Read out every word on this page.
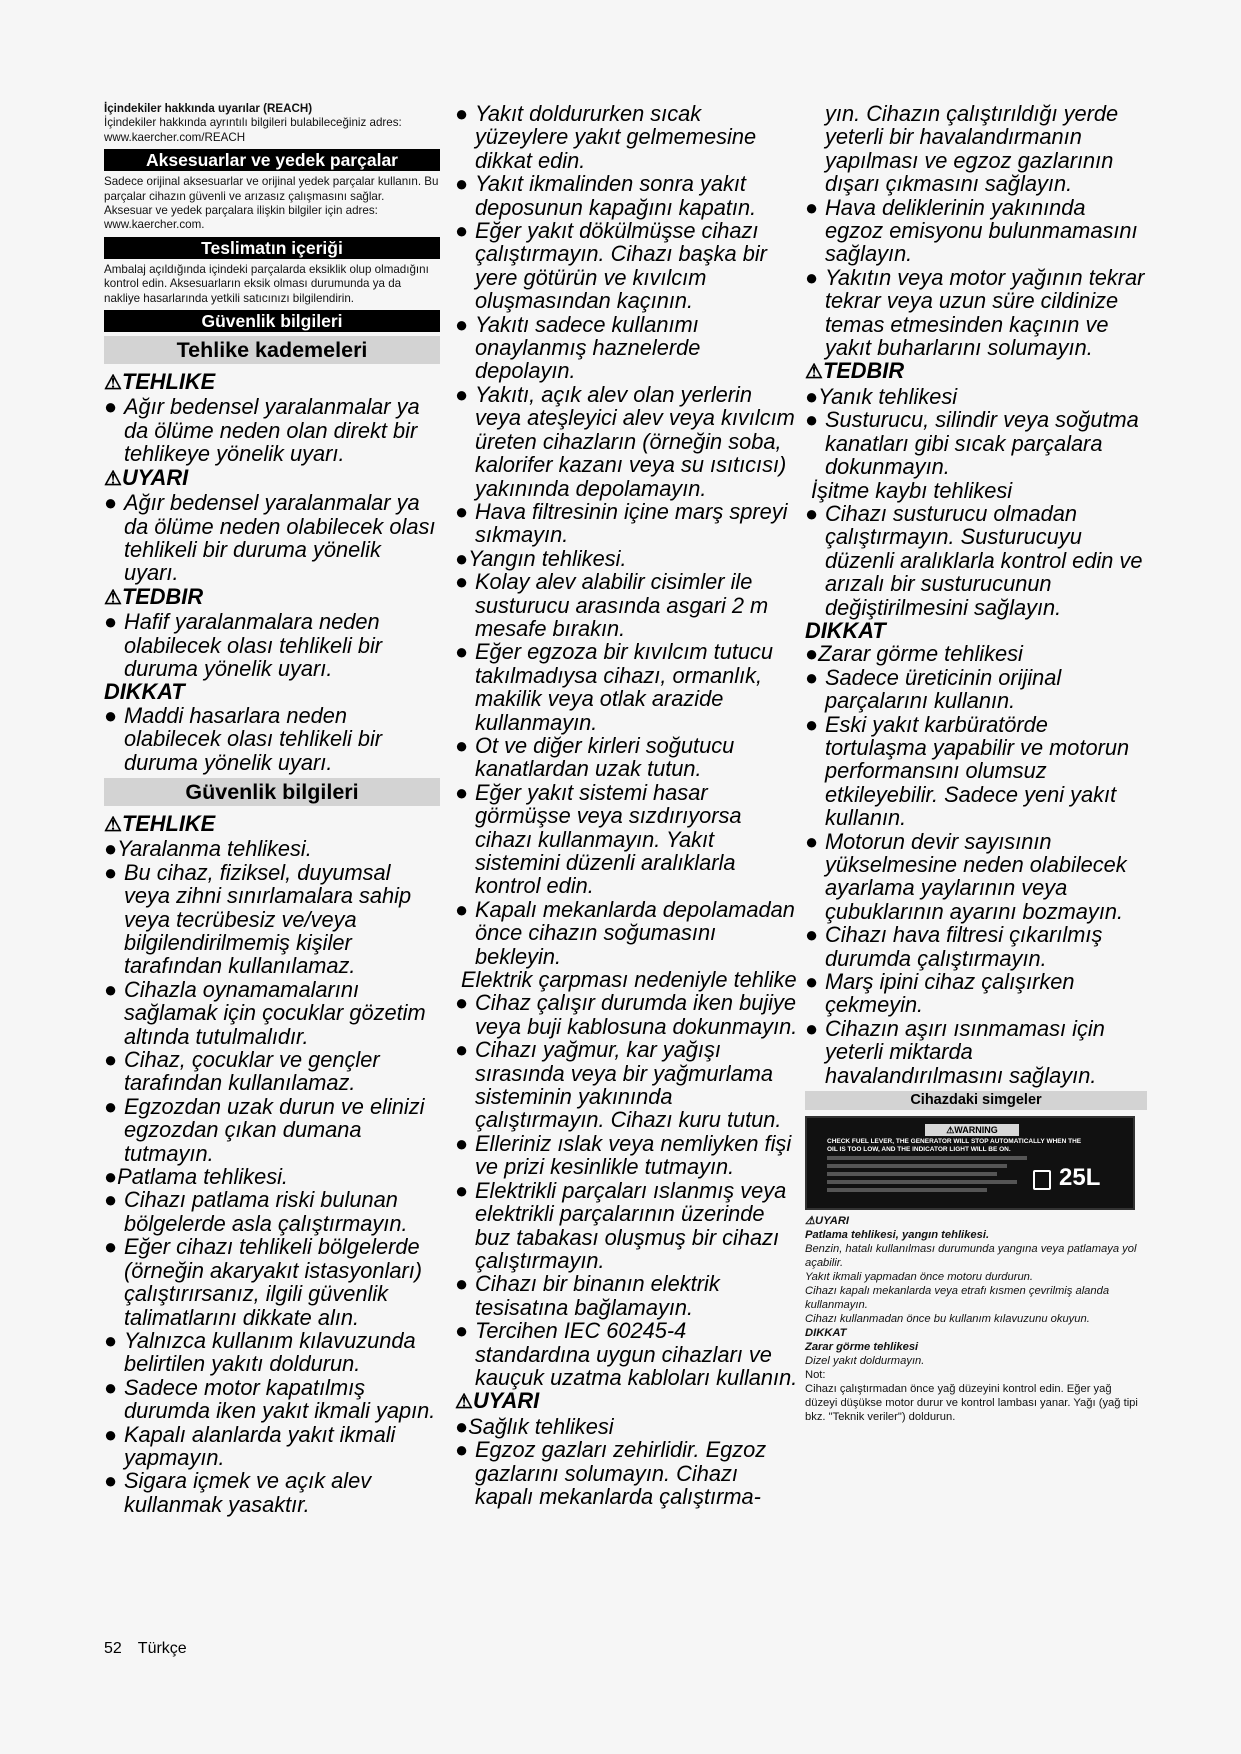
İçindekiler hakkında uyarılar (REACH)

İçindekiler hakkında ayrıntılı bilgileri bulabileceğiniz adres: www.kaercher.com/REACH

Aksesuarlar ve yedek parçalar

Sadece orijinal aksesuarlar ve orijinal yedek parçalar kullanın. Bu parçalar cihazın güvenli ve arızasız çalışmasını sağlar.

Aksesuar ve yedek parçalara ilişkin bilgiler için adres: www.kaercher.com.

Teslimatın içeriği

Ambalaj açıldığında içindeki parçalarda eksiklik olup olmadığını kontrol edin. Aksesuarların eksik olması durumunda ya da nakliye hasarlarında yetkili satıcınızı bilgilendirin.

Güvenlik bilgileri
Tehlike kademeleri
⚠TEHLIKE
● Ağır bedensel yaralanmalar ya da ölüme neden olan direkt bir tehlikeye yönelik uyarı.
⚠UYARI
● Ağır bedensel yaralanmalar ya da ölüme neden olabilecek olası tehlikeli bir duruma yönelik uyarı.
⚠TEDBIR
● Hafif yaralanmalara neden olabilecek olası tehlikeli bir duruma yönelik uyarı.
DIKKAT
● Maddi hasarlara neden olabilecek olası tehlikeli bir duruma yönelik uyarı.
Güvenlik bilgileri
⚠TEHLIKE
●Yaralanma tehlikesi.
● Bu cihaz, fiziksel, duyumsal veya zihni sınırlamalara sahip veya tecrübesiz ve/veya bilgilendirilmemiş kişiler tarafından kullanılamaz.
● Cihazla oynamamalarını sağlamak için çocuklar gözetim altında tutulmalıdır.
● Cihaz, çocuklar ve gençler tarafından kullanılamaz.
● Egzozdan uzak durun ve elinizi egzozdan çıkan dumana tutmayın.
●Patlama tehlikesi.
● Cihazı patlama riski bulunan bölgelerde asla çalıştırmayın.
● Eğer cihazı tehlikeli bölgelerde (örneğin akaryakıt istasyonları) çalıştırırsanız, ilgili güvenlik talimatlarını dikkate alın.
● Yalnızca kullanım kılavuzunda belirtilen yakıtı doldurun.
● Sadece motor kapatılmış durumda iken yakıt ikmali yapın.
● Kapalı alanlarda yakıt ikmali yapmayın.
● Sigara içmek ve açık alev kullanmak yasaktır.
● Yakıt doldururken sıcak yüzeylere yakıt gelmemesine dikkat edin.
● Yakıt ikmalinden sonra yakıt deposunun kapağını kapatın.
● Eğer yakıt dökülmüşse cihazı çalıştırmayın. Cihazı başka bir yere götürün ve kıvılcım oluşmasından kaçının.
● Yakıtı sadece kullanımı onaylanmış haznelerde depolayın.
● Yakıtı, açık alev olan yerlerin veya ateşleyici alev veya kıvılcım üreten cihazların (örneğin soba, kalorifer kazanı veya su ısıtıcısı) yakınında depolamayın.
● Hava filtresinin içine marş spreyi sıkmayın.
●Yangın tehlikesi.
● Kolay alev alabilir cisimler ile susturucu arasında asgari 2 m mesafe bırakın.
● Eğer egzoza bir kıvılcım tutucu takılmadıysa cihazı, ormanlık, makilik veya otlak arazide kullanmayın.
● Ot ve diğer kirleri soğutucu kanatlardan uzak tutun.
● Eğer yakıt sistemi hasar görmüşse veya sızdırıyorsa cihazı kullanmayın. Yakıt sistemini düzenli aralıklarla kontrol edin.
● Kapalı mekanlarda depolamadan önce cihazın soğumasını bekleyin.
Elektrik çarpması nedeniyle tehlike
● Cihaz çalışır durumda iken bujiye veya buji kablosuna dokunmayın.
● Cihazı yağmur, kar yağışı sırasında veya bir yağmurlama sisteminin yakınında çalıştırmayın. Cihazı kuru tutun.
● Elleriniz ıslak veya nemliyken fişi ve prizi kesinlikle tutmayın.
● Elektrikli parçaları ıslanmış veya elektrikli parçalarının üzerinde buz tabakası oluşmuş bir cihazı çalıştırmayın.
● Cihazı bir binanın elektrik tesisatına bağlamayın.
● Tercihen IEC 60245-4 standardına uygun cihazları ve kauçuk uzatma kabloları kullanın.
⚠UYARI
●Sağlık tehlikesi
● Egzoz gazları zehirlidir. Egzoz gazlarını solumayın. Cihazı kapalı mekanlarda çalıştırma-
yın. Cihazın çalıştırıldığı yerde yeterli bir havalandırmanın yapılması ve egzoz gazlarının dışarı çıkmasını sağlayın.
● Hava deliklerinin yakınında egzoz emisyonu bulunmamasını sağlayın.
● Yakıtın veya motor yağının tekrar tekrar veya uzun süre cildinize temas etmesinden kaçının ve yakıt buharlarını solumayın.
⚠TEDBIR
●Yanık tehlikesi
● Susturucu, silindir veya soğutma kanatları gibi sıcak parçalara dokunmayın.
İşitme kaybı tehlikesi
● Cihazı susturucu olmadan çalıştırmayın. Susturucuyu düzenli aralıklarla kontrol edin ve arızalı bir susturucunun değiştirilmesini sağlayın.
DIKKAT
●Zarar görme tehlikesi
● Sadece üreticinin orijinal parçalarını kullanın.
● Eski yakıt karbüratörde tortulaşma yapabilir ve motorun performansını olumsuz etkileyebilir. Sadece yeni yakıt kullanın.
● Motorun devir sayısının yükselmesine neden olabilecek ayarlama yaylarının veya çubuklarının ayarını bozmayın.
● Cihazı hava filtresi çıkarılmış durumda çalıştırmayın.
● Marş ipini cihaz çalışırken çekmeyin.
● Cihazın aşırı ısınmaması için yeterli miktarda havalandırılmasını sağlayın.
Cihazdaki simgeler
⚠WARNING
CHECK FUEL LEVER, THE GENERATOR WILL STOP AUTOMATICALLY WHEN THE OIL IS TOO LOW, AND THE INDICATOR LIGHT WILL BE ON.
25L

⚠UYARI

Patlama tehlikesi, yangın tehlikesi.

Benzin, hatalı kullanılması durumunda yangına veya patlamaya yol açabilir.

Yakıt ikmali yapmadan önce motoru durdurun.

Cihazı kapalı mekanlarda veya etrafı kısmen çevrilmiş alanda kullanmayın.

Cihazı kullanmadan önce bu kullanım kılavuzunu okuyun.

DIKKAT

Zarar görme tehlikesi

Dizel yakıt doldurmayın.

Not:

Cihazı çalıştırmadan önce yağ düzeyini kontrol edin. Eğer yağ düzeyi düşükse motor durur ve kontrol lambası yanar. Yağı (yağ tipi bkz. "Teknik veriler") doldurun.

52 Türkçe
